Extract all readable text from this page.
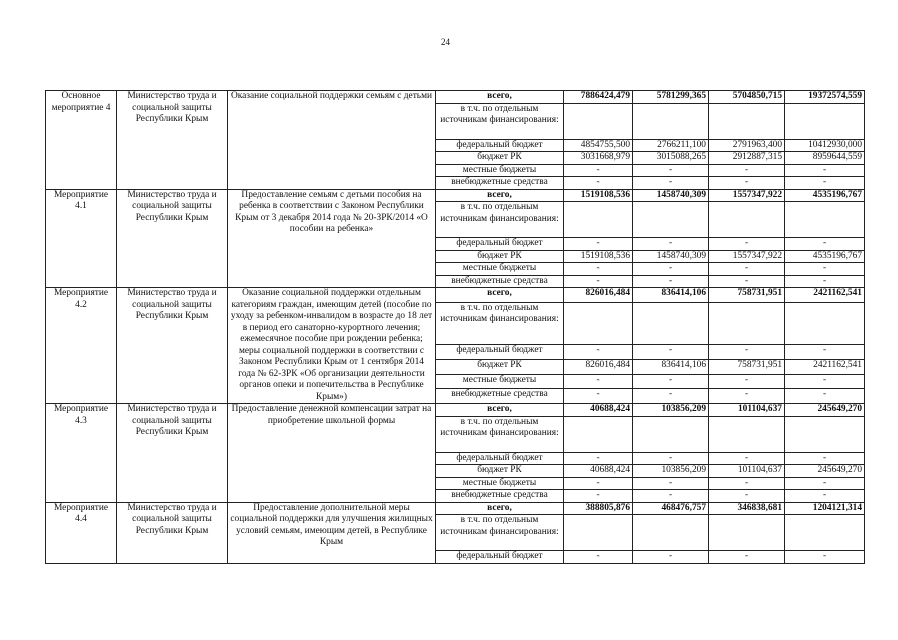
24
Основное мероприятие 4	Министерство труда и социальной защиты Республики Крым	Оказание социальной поддержки семьям с детьми	всего,	7886424,479	5781299,365	5704850,715	19372574,559
			в т.ч. по отдельным источникам финансирования:				
			федеральный бюджет	4854755,500	2766211,100	2791963,400	10412930,000
			бюджет РК	3031668,979	3015088,265	2912887,315	8959644,559
			местные бюджеты	-	-	-	-
			внебюджетные средства	-	-	-	-
Мероприятие 4.1	Министерство труда и социальной защиты Республики Крым	Предоставление семьям с детьми пособия на ребенка в соответствии с Законом Республики Крым от 3 декабря 2014 года № 20-ЗРК/2014 «О пособии на ребенка»	всего,	1519108,536	1458740,309	1557347,922	4535196,767
			в т.ч. по отдельным источникам финансирования:				
			федеральный бюджет	-	-	-	-
			бюджет РК	1519108,536	1458740,309	1557347,922	4535196,767
			местные бюджеты	-	-	-	-
			внебюджетные средства	-	-	-	-
Мероприятие 4.2	Министерство труда и социальной защиты Республики Крым	Оказание социальной поддержки отдельным категориям граждан, имеющим детей (пособие по уходу за ребенком-инвалидом в возрасте до 18 лет в период его санаторно-курортного лечения; ежемесячное пособие при рождении ребенка; меры социальной поддержки в соответствии с Законом Республики Крым от 1 сентября 2014 года № 62-ЗРК «Об организации деятельности органов опеки и попечительства в Республике Крым»)	всего,	826016,484	836414,106	758731,951	2421162,541
			в т.ч. по отдельным источникам финансирования:				
			федеральный бюджет	-	-	-	-
			бюджет РК	826016,484	836414,106	758731,951	2421162,541
			местные бюджеты	-	-	-	-
			внебюджетные средства	-	-	-	-
Мероприятие 4.3	Министерство труда и социальной защиты Республики Крым	Предоставление денежной компенсации затрат на приобретение школьной формы	всего,	40688,424	103856,209	101104,637	245649,270
			в т.ч. по отдельным источникам финансирования:				
			федеральный бюджет	-	-	-	-
			бюджет РК	40688,424	103856,209	101104,637	245649,270
			местные бюджеты	-	-	-	-
			внебюджетные средства	-	-	-	-
Мероприятие 4.4	Министерство труда и социальной защиты Республики Крым	Предоставление дополнительной меры социальной поддержки для улучшения жилищных условий семьям, имеющим детей, в Республике Крым	всего,	388805,876	468476,757	346838,681	1204121,314
			в т.ч. по отдельным источникам финансирования:				
			федеральный бюджет	-	-	-	-
